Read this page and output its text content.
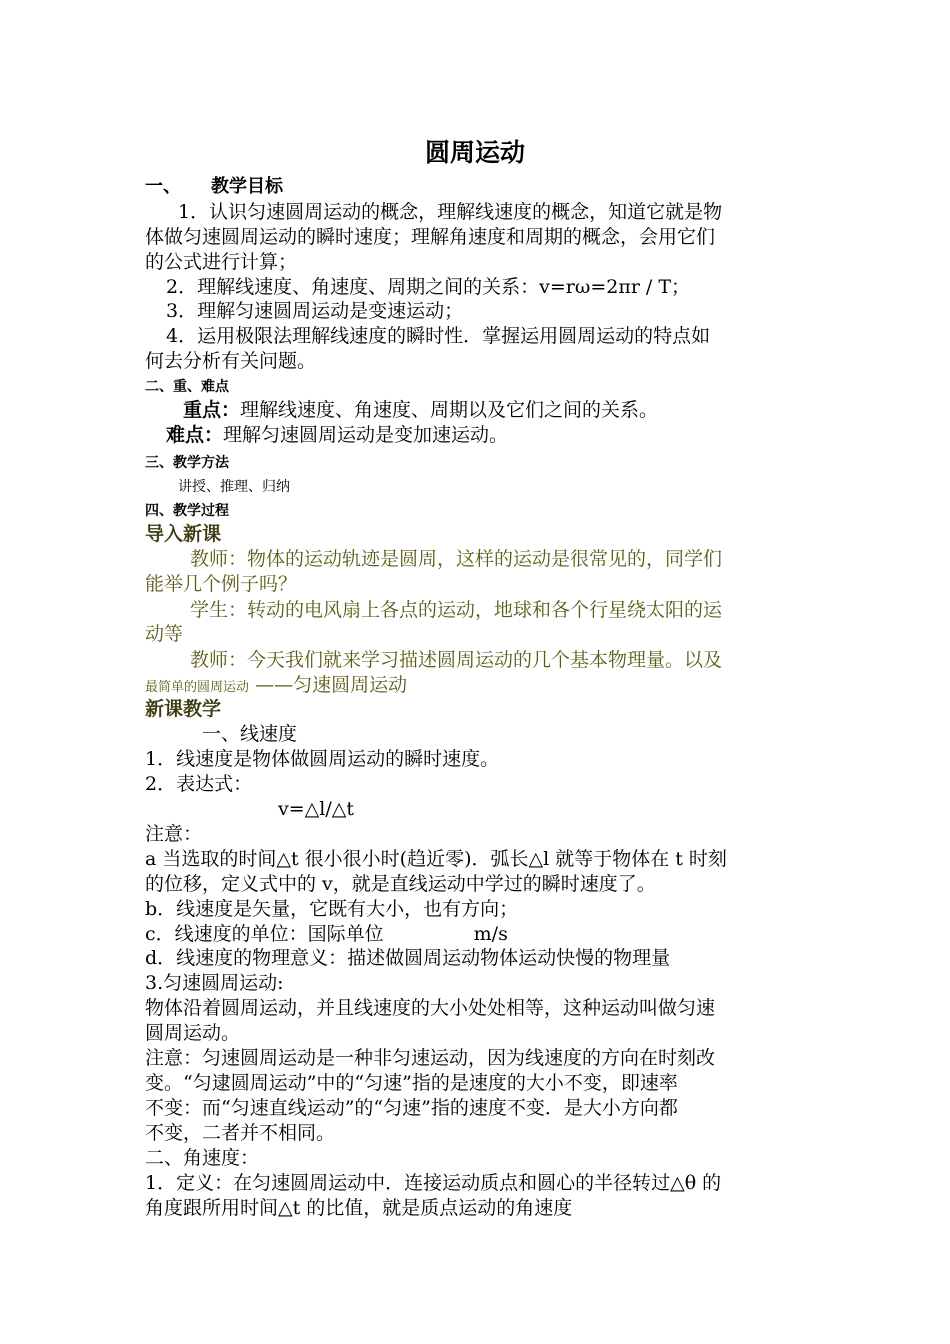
圆周运动
一、 教学目标
1．认识匀速圆周运动的概念，理解线速度的概念，知道它就是物
体做匀速圆周运动的瞬时速度；理解角速度和周期的概念，会用它们
的公式进行计算；
2．理解线速度、角速度、周期之间的关系：v=rω=2πr / T；
3．理解匀速圆周运动是变速运动；
4．运用极限法理解线速度的瞬时性．掌握运用圆周运动的特点如
何去分析有关问题。
二、重、难点
重点：理解线速度、角速度、周期以及它们之间的关系。
难点：理解匀速圆周运动是变加速运动。
三、教学方法
讲授、推理、归纳
四、教学过程
导入新课
教师：物体的运动轨迹是圆周，这样的运动是很常见的，同学们
能举几个例子吗？
学生：转动的电风扇上各点的运动，地球和各个行星绕太阳的运
动等
教师：今天我们就来学习描述圆周运动的几个基本物理量。以及
最简单的圆周运动 ——匀速圆周运动
新课教学
一、线速度
1．线速度是物体做圆周运动的瞬时速度。
2．表达式：
v=△l/△t
注意：
a 当选取的时间△t 很小很小时(趋近零)．弧长△l 就等于物体在 t 时刻
的位移，定义式中的 v，就是直线运动中学过的瞬时速度了。
b．线速度是矢量，它既有大小，也有方向；
c．线速度的单位：国际单位	m/s
d．线速度的物理意义：描述做圆周运动物体运动快慢的物理量
3.匀速圆周运动:
物体沿着圆周运动，并且线速度的大小处处相等，这种运动叫做匀速
圆周运动。
注意：匀速圆周运动是一种非匀速运动，因为线速度的方向在时刻改
变。“匀逮圆周运动”中的“匀速”指的是速度的大小不变，即速率
不变：而“匀速直线运动”的“匀速”指的速度不变．是大小方向都
不变，二者并不相同。
二、角速度：
1．定义：在匀速圆周运动中．连接运动质点和圆心的半径转过△θ 的
角度跟所用时间△t 的比值，就是质点运动的角速度
